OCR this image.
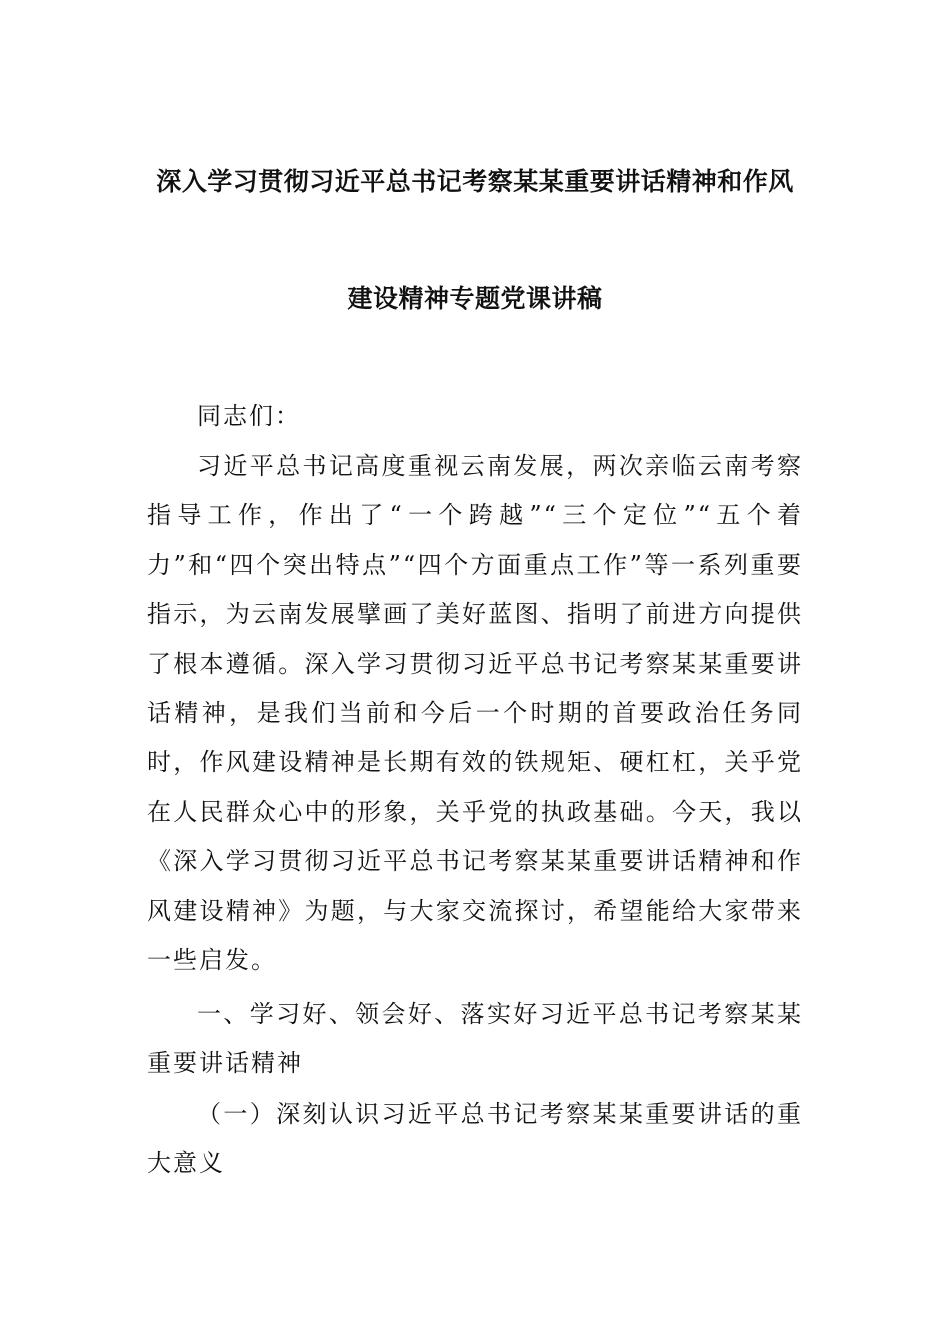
深入学习贯彻习近平总书记考察某某重要讲话精神和作风
建设精神专题党课讲稿
同志们：
习近平总书记高度重视云南发展，两次亲临云南考察指导工作，作出了“一个跨越”“三个定位”“五个着力”和“四个突出特点”“四个方面重点工作”等一系列重要指示，为云南发展擘画了美好蓝图、指明了前进方向提供了根本遵循。深入学习贯彻习近平总书记考察某某重要讲话精神，是我们当前和今后一个时期的首要政治任务同时，作风建设精神是长期有效的铁规矩、硬杠杠，关乎党在人民群众心中的形象，关乎党的执政基础。今天，我以《深入学习贯彻习近平总书记考察某某重要讲话精神和作风建设精神》为题，与大家交流探讨，希望能给大家带来一些启发。
一、学习好、领会好、落实好习近平总书记考察某某重要讲话精神
（一）深刻认识习近平总书记考察某某重要讲话的重大意义
